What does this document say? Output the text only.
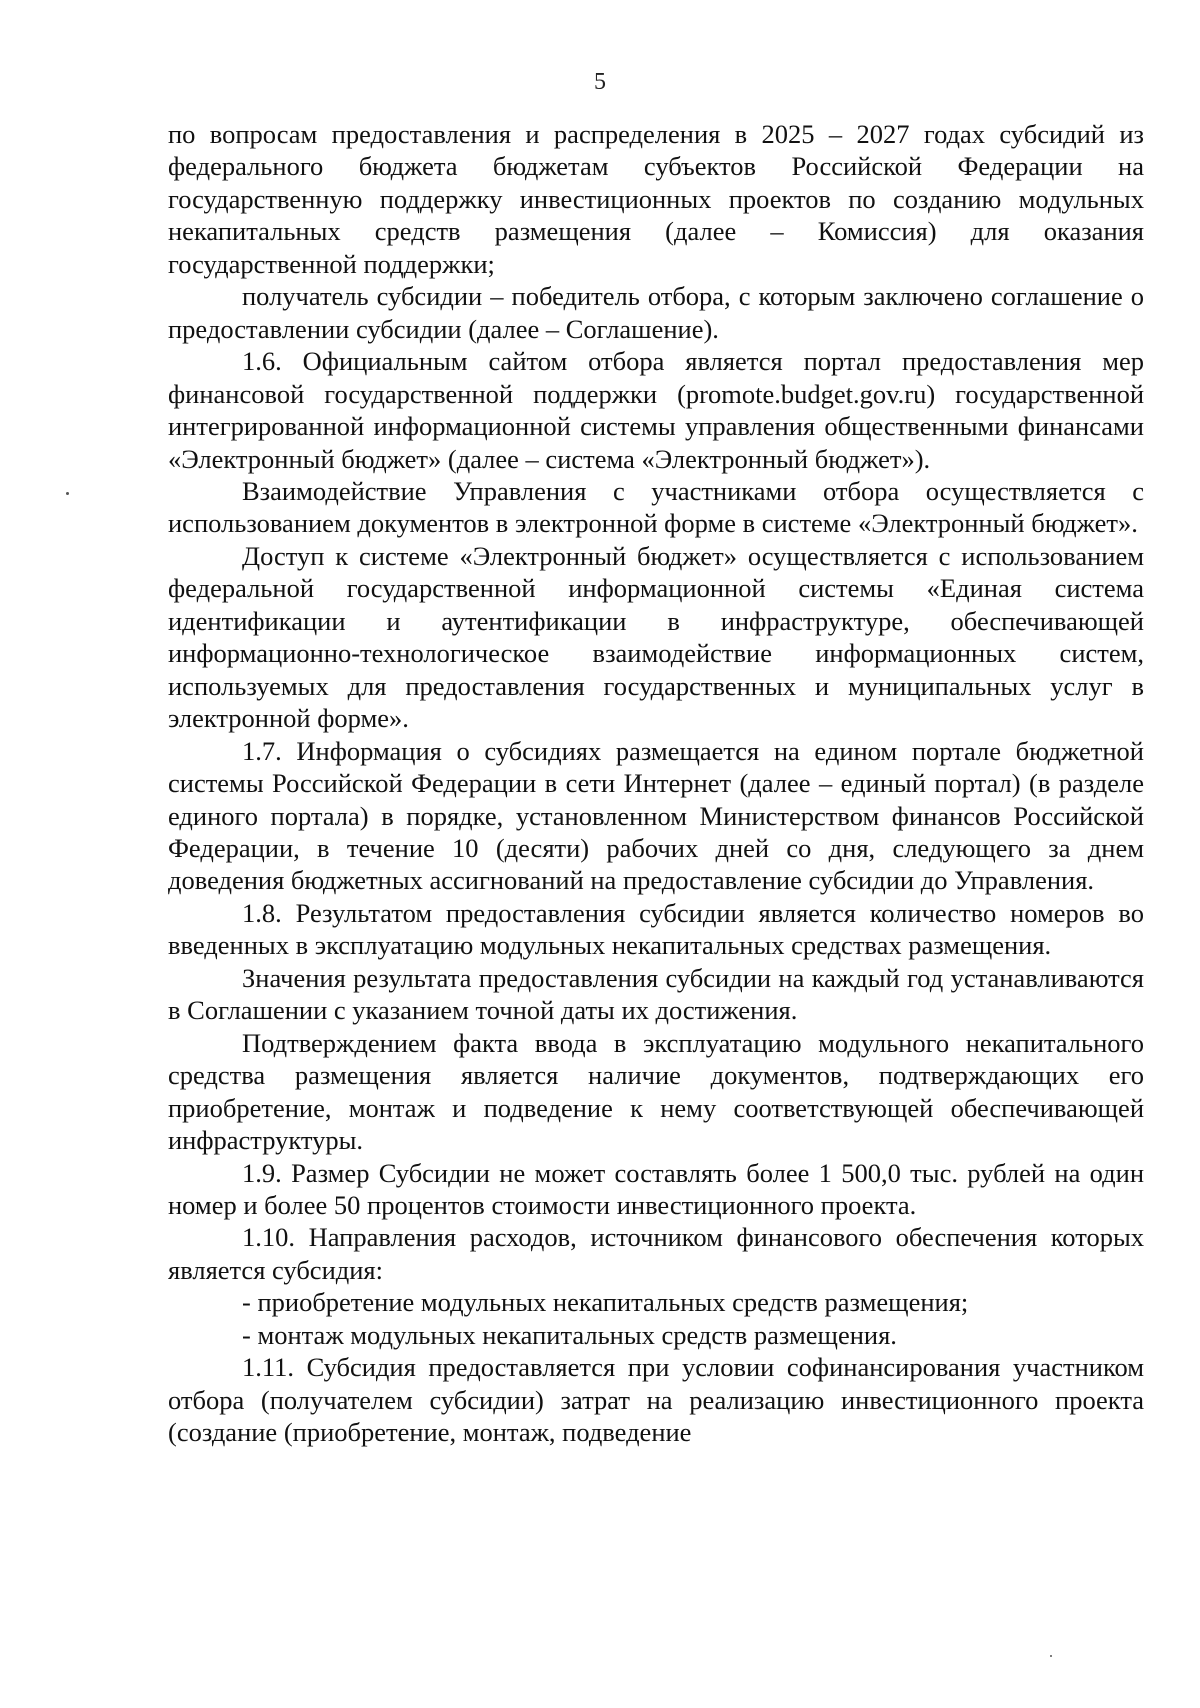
5

по вопросам предоставления и распределения в 2025 – 2027 годах субсидий из федерального бюджета бюджетам субъектов Российской Федерации на государственную поддержку инвестиционных проектов по созданию модульных некапитальных средств размещения (далее – Комиссия) для оказания государственной поддержки;

получатель субсидии – победитель отбора, с которым заключено соглашение о предоставлении субсидии (далее – Соглашение).

1.6. Официальным сайтом отбора является портал предоставления мер финансовой государственной поддержки (promote.budget.gov.ru) государственной интегрированной информационной системы управления общественными финансами «Электронный бюджет» (далее – система «Электронный бюджет»).

Взаимодействие Управления с участниками отбора осуществляется с использованием документов в электронной форме в системе «Электронный бюджет».

Доступ к системе «Электронный бюджет» осуществляется с использованием федеральной государственной информационной системы «Единая система идентификации и аутентификации в инфраструктуре, обеспечивающей информационно-технологическое взаимодействие информационных систем, используемых для предоставления государственных и муниципальных услуг в электронной форме».

1.7. Информация о субсидиях размещается на едином портале бюджетной системы Российской Федерации в сети Интернет (далее – единый портал) (в разделе единого портала) в порядке, установленном Министерством финансов Российской Федерации, в течение 10 (десяти) рабочих дней со дня, следующего за днем доведения бюджетных ассигнований на предоставление субсидии до Управления.

1.8. Результатом предоставления субсидии является количество номеров во введенных в эксплуатацию модульных некапитальных средствах размещения.

Значения результата предоставления субсидии на каждый год устанавливаются в Соглашении с указанием точной даты их достижения.

Подтверждением факта ввода в эксплуатацию модульного некапитального средства размещения является наличие документов, подтверждающих его приобретение, монтаж и подведение к нему соответствующей обеспечивающей инфраструктуры.

1.9. Размер Субсидии не может составлять более 1 500,0 тыс. рублей на один номер и более 50 процентов стоимости инвестиционного проекта.

1.10. Направления расходов, источником финансового обеспечения которых является субсидия:

- приобретение модульных некапитальных средств размещения;

- монтаж модульных некапитальных средств размещения.

1.11. Субсидия предоставляется при условии софинансирования участником отбора (получателем субсидии) затрат на реализацию инвестиционного проекта (создание (приобретение, монтаж, подведение
